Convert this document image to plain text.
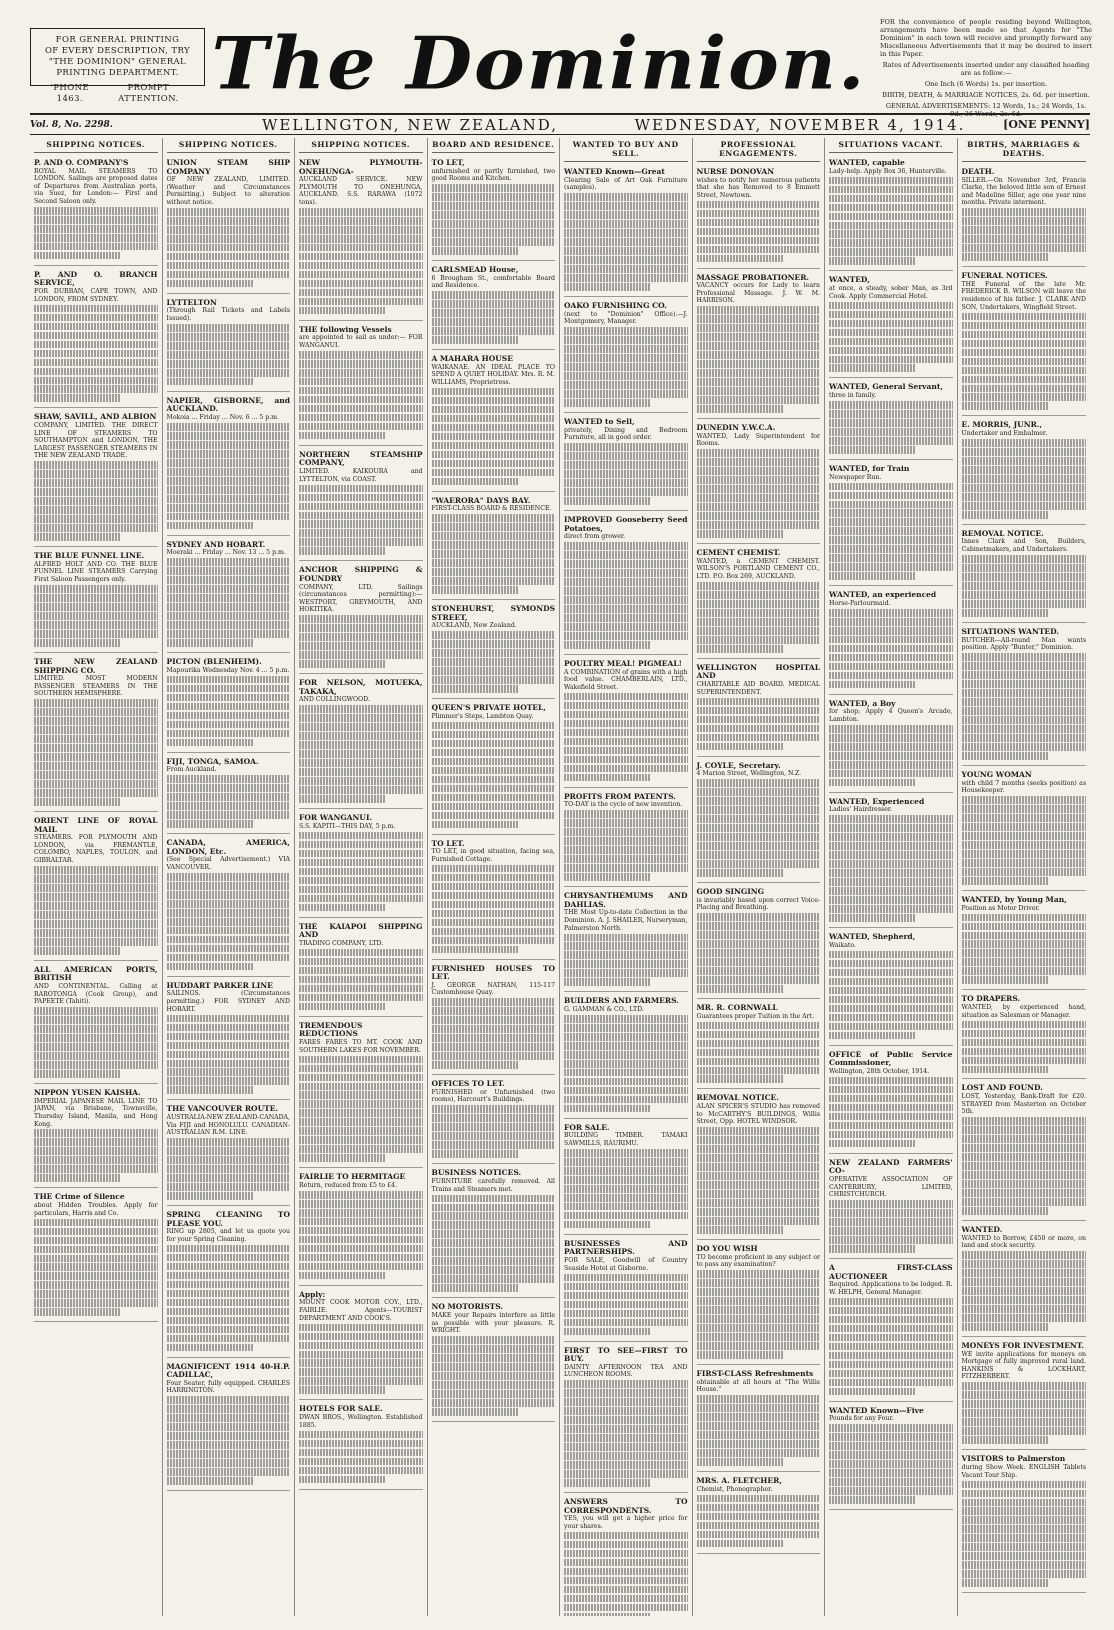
FOR GENERAL PRINTING
OF EVERY DESCRIPTION, TRY
"THE DOMINION" GENERAL
PRINTING DEPARTMENT.
'PHONE 1463.
PROMPT ATTENTION. The Dominion.	FOR the convenience of people residing beyond Wellington, arrangements have been made so that Agents for "The Dominion" in each town will receive and promptly forward any Miscellaneous Advertisements that it may be desired to insert in this Paper.
Rates of Advertisements inserted under any classified heading are as follow:—
One Inch (6 Words) 1s. per insertion.
BIRTH, DEATH, & MARRIAGE NOTICES, 2s. 6d. per insertion.
GENERAL ADVERTISEMENTS: 12 Words, 1s.; 24 Words, 1s. 9d.; 36 Words, 2s. 6d.
Vol. 8, No. 2298.	WELLINGTON, NEW ZEALAND,	WEDNESDAY, NOVEMBER 4, 1914.	[ONE PENNY]
SHIPPING NOTICES.
P. AND O. COMPANY'S
ROYAL MAIL STEAMERS TO LONDON. Sailings are proposed dates of Departures from Australian ports, via Suez, for London:— First and Second Saloon only.
P. AND O. BRANCH SERVICE,
FOR DURBAN, CAPE TOWN, AND LONDON, FROM SYDNEY.
SHAW, SAVILL, AND ALBION
COMPANY, LIMITED. THE DIRECT LINE OF STEAMERS TO SOUTHAMPTON and LONDON, THE LARGEST PASSENGER STEAMERS IN THE NEW ZEALAND TRADE.
THE BLUE FUNNEL LINE.
ALFRED HOLT AND CO. THE BLUE FUNNEL LINE STEAMERS Carrying First Saloon Passengers only.
THE NEW ZEALAND SHIPPING CO.
LIMITED. MOST MODERN PASSENGER STEAMERS IN THE SOUTHERN HEMISPHERE.
ORIENT LINE OF ROYAL MAIL
STEAMERS. FOR PLYMOUTH AND LONDON, via FREMANTLE, COLOMBO, NAPLES, TOULON, and GIBRALTAR.
ALL AMERICAN PORTS, BRITISH
AND CONTINENTAL. Calling at RAROTONGA (Cook Group), and PAPEETE (Tahiti).
NIPPON YUSEN KAISHA.
IMPERIAL JAPANESE MAIL LINE TO JAPAN, via Brisbane, Townsville, Thursday Island, Manila, and Hong Kong.
THE Crime of Silence
about Hidden Troubles. Apply for particulars, Harris and Co.
SHIPPING NOTICES.
UNION STEAM SHIP COMPANY
OF NEW ZEALAND, LIMITED. (Weather and Circumstances Permitting.) Subject to alteration without notice.
LYTTELTON
(Through Rail Tickets and Labels Issued).
NAPIER, GISBORNE, and AUCKLAND.
Mokoia ... Friday ... Nov. 6 ... 5 p.m.
SYDNEY AND HOBART.
Moeraki ... Friday ... Nov. 13 ... 5 p.m.
PICTON (BLENHEIM).
Mapourika Wednesday Nov. 4 ... 5 p.m.
FIJI, TONGA, SAMOA.
From Auckland.
CANADA, AMERICA, LONDON, Etc.
(See Special Advertisement.) VIA VANCOUVER.
HUDDART PARKER LINE
SAILINGS. (Circumstances permitting.) FOR SYDNEY AND HOBART.
THE VANCOUVER ROUTE.
AUSTRALIA-NEW ZEALAND-CANADA, Via FIJI and HONOLULU. CANADIAN-AUSTRALIAN R.M. LINE.
SPRING CLEANING TO PLEASE YOU.
RING up 2805, and let us quote you for your Spring Cleaning.
MAGNIFICENT 1914 40-H.P. CADILLAC,
Four Seater, fully equipped. CHARLES HARRINGTON.
SHIPPING NOTICES.
NEW PLYMOUTH-ONEHUNGA-
AUCKLAND SERVICE. NEW PLYMOUTH TO ONEHUNGA, AUCKLAND. S.S. RARAWA (1072 tons).
THE following Vessels
are appointed to sail as under:— FOR WANGANUI.
NORTHERN STEAMSHIP COMPANY,
LIMITED. KAIKOURA and LYTTELTON, via COAST.
ANCHOR SHIPPING & FOUNDRY
COMPANY, LTD. Sailings (circumstances permitting):— WESTPORT, GREYMOUTH, AND HOKITIKA.
FOR NELSON, MOTUEKA, TAKAKA,
AND COLLINGWOOD.
FOR WANGANUI.
S.S. KAPITI—THIS DAY, 5 p.m.
THE KAIAPOI SHIPPING AND
TRADING COMPANY, LTD.
TREMENDOUS REDUCTIONS
FARES FARES TO MT. COOK AND SOUTHERN LAKES FOR NOVEMBER.
FAIRLIE TO HERMITAGE
Return, reduced from £5 to £4.
Apply:
MOUNT COOK MOTOR COY., LTD., FAIRLIE. Agents—TOURIST DEPARTMENT AND COOK'S.
HOTELS FOR SALE.
DWAN BROS., Wellington. Established 1885.
BOARD AND RESIDENCE.
TO LET,
unfurnished or partly furnished, two good Rooms and Kitchen.
CARLSMEAD House,
6 Brougham St., comfortable Board and Residence.
A MAHARA HOUSE
WAIKANAE. AN IDEAL PLACE TO SPEND A QUIET HOLIDAY. Mrs. R. M. WILLIAMS, Proprietress.
"WAERORA" DAYS BAY.
FIRST-CLASS BOARD & RESIDENCE.
STONEHURST, SYMONDS STREET,
AUCKLAND, New Zealand.
QUEEN'S PRIVATE HOTEL,
Plimmer's Steps, Lambton Quay.
TO LET.
TO LET, in good situation, facing sea, Furnished Cottage.
FURNISHED HOUSES TO LET.
J. GEORGE NATHAN, 115-117 Customhouse Quay.
OFFICES TO LET.
FURNISHED or Unfurnished (two rooms), Harcourt's Buildings.
BUSINESS NOTICES.
FURNITURE carefully removed. All Trains and Steamers met.
NO MOTORISTS.
MAKE your Repairs interfere as little as possible with your pleasure. R. WRIGHT.
WANTED TO BUY AND SELL.
WANTED Known—Great
Clearing Sale of Art Oak Furniture (samples).
OAKO FURNISHING CO.
(next to "Dominion" Office).—J. Montgomery, Manager.
WANTED to Sell,
privately, Dining and Bedroom Furniture, all in good order.
IMPROVED Gooseberry Seed Potatoes,
direct from grower.
POULTRY MEAL! PIGMEAL!
A COMBINATION of grains with a high food value. CHAMBERLAIN, LTD., Wakefield Street.
PROFITS FROM PATENTS.
TO-DAY is the cycle of new invention.
CHRYSANTHEMUMS AND DAHLIAS.
THE Most Up-to-date Collection in the Dominion. A. J. SHAILER, Nurseryman, Palmerston North.
BUILDERS AND FARMERS.
G. GAMMAN & CO., LTD.
FOR SALE.
BUILDING TIMBER. TAMAKI SAWMILLS, RAURIMU.
BUSINESSES AND PARTNERSHIPS.
FOR SALE, Goodwill of Country Seaside Hotel at Gisborne.
FIRST TO SEE—FIRST TO BUY.
DAINTY AFTERNOON TEA AND LUNCHEON ROOMS.
ANSWERS TO CORRESPONDENTS.
YES, you will get a higher price for your shares.
PROFESSIONAL ENGAGEMENTS.
NURSE DONOVAN
wishes to notify her numerous patients that she has Removed to 8 Emmett Street, Newtown.
MASSAGE PROBATIONER.
VACANCY occurs for Lady to learn Professional Massage. J. W. M. HARRISON.
DUNEDIN Y.W.C.A.
WANTED, Lady Superintendent for Rooms.
CEMENT CHEMIST.
WANTED, a CEMENT CHEMIST. WILSON'S PORTLAND CEMENT CO., LTD. P.O. Box 269, AUCKLAND.
WELLINGTON HOSPITAL AND
CHARITABLE AID BOARD. MEDICAL SUPERINTENDENT.
J. COYLE, Secretary.
4 Marion Street, Wellington, N.Z.
GOOD SINGING
is invariably based upon correct Voice-Placing and Breathing.
MR. R. CORNWALL
Guarantees proper Tuition in the Art.
REMOVAL NOTICE.
ALAN SPICER'S STUDIO has removed to McCARTHY'S BUILDINGS, Willis Street, Opp. HOTEL WINDSOR.
DO YOU WISH
TO become proficient in any subject or to pass any examination?
FIRST-CLASS Refreshments
obtainable at all hours at "The Willis House."
MRS. A. FLETCHER,
Chemist, Phonographer.
SITUATIONS VACANT.
WANTED, capable
Lady-help. Apply Box 36, Hunterville.
WANTED,
at once, a steady, sober Man, as 3rd Cook. Apply Commercial Hotel.
WANTED, General Servant,
three in family.
WANTED, for Train
Newspaper Run.
WANTED, an experienced
Horse-Parlourmaid.
WANTED, a Boy
for shop; Apply 4 Queen's Arcade, Lambton.
WANTED, Experienced
Ladies' Hairdresser.
WANTED, Shepherd,
Waikato.
OFFICE of Public Service Commissioner,
Wellington, 28th October, 1914.
NEW ZEALAND FARMERS' CO-
OPERATIVE ASSOCIATION OF CANTERBURY, LIMITED, CHRISTCHURCH.
A FIRST-CLASS AUCTIONEER
Required. Applications to be lodged. R. W. HELPH, General Manager.
WANTED Known—Five
Pounds for any Four.
BIRTHS, MARRIAGES & DEATHS.
DEATH.
SILLER.—On November 3rd, Francis Clarke, the beloved little son of Ernest and Madeline Siller, age one year nine months. Private interment.
FUNERAL NOTICES.
THE Funeral of the late Mr. FREDERICK B. WILSON will leave the residence of his father. J. CLARK AND SON, Undertakers, Wingfield Street.
E. MORRIS, JUNR.,
Undertaker and Embalmer.
REMOVAL NOTICE.
Innes Clark and Son, Builders, Cabinetmakers, and Undertakers.
SITUATIONS WANTED.
BUTCHER—All-round Man wants position. Apply "Bunter," Dominion.
YOUNG WOMAN
with child 7 months (seeks position) as Housekeeper.
WANTED, by Young Man,
Position as Motor Driver.
TO DRAPERS.
WANTED, by experienced hand, situation as Salesman or Manager.
LOST AND FOUND.
LOST, Yesterday, Bank-Draft for £20. STRAYED from Masterton on October 5th.
WANTED.
WANTED to Borrow, £450 or more, on land and stock security.
MONEYS FOR INVESTMENT.
WE invite applications for moneys on Mortgage of fully improved rural land. HANKINS & LOCKHART, FITZHERBERT.
VISITORS to Palmerston
during Show Week. ENGLISH Tablets Vacant Tour Ship.
